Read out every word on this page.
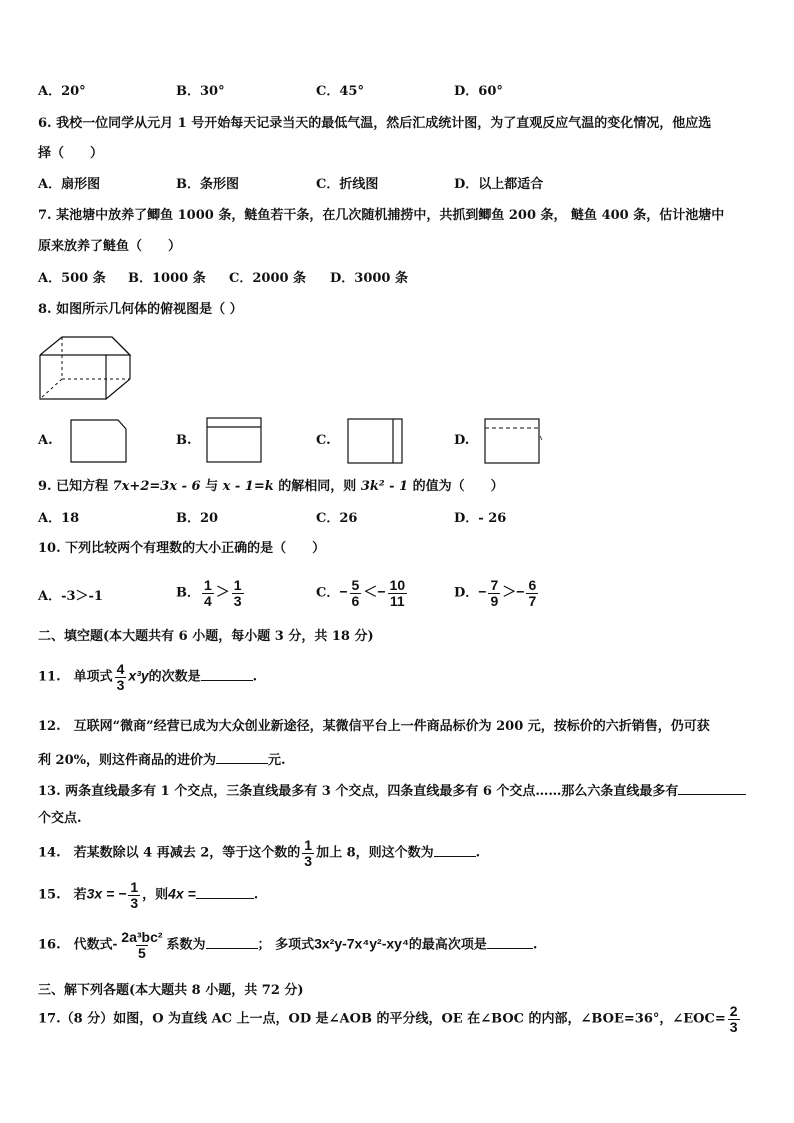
A．20°	B．30°	C．45°	D．60°
6. 我校一位同学从元月 1 号开始每天记录当天的最低气温，然后汇成统计图，为了直观反应气温的变化情况，他应选
择（　　）
A．扇形图	B．条形图	C．折线图	D．以上都适合
7. 某池塘中放养了鲫鱼 1000 条，鲢鱼若干条，在几次随机捕捞中，共抓到鲫鱼 200 条， 鲢鱼 400 条，估计池塘中
原来放养了鲢鱼（　　）
A．500 条 B．1000 条 C．2000 条 D．3000 条
8. 如图所示几何体的俯视图是（ ）
A.	B.	C.	D.
9. 已知方程 7x+2=3x - 6 与 x - 1=k 的解相同，则 3k² - 1 的值为（　　）
A．18	B．20	C．26	D．- 26
10. 下列比较两个有理数的大小正确的是（　　）
A．-3＞-1	B． $\frac{1}{4} > \frac{1}{3}$	C．− $\frac{5}{6} <- \frac{10}{11}$	D．− $\frac{7}{9} >- \frac{6}{7}$
二、填空题(本大题共有 6 小题，每小题 3 分，共 18 分)
11.　单项式 $\frac{4}{3} x^3y$的次数是	.
12.　互联网“微商”经营已成为大众创业新途径，某微信平台上一件商品标价为 200 元，按标价的六折销售，仍可获
利 20%，则这件商品的进价为	元.
13. 两条直线最多有 1 个交点，三条直线最多有 3 个交点，四条直线最多有 6 个交点……那么六条直线最多有
个交点.
14.　若某数除以 4 再减去 2，等于这个数的 $\frac{1}{3}$ 加上 8，则这个数为	.
15.　若3x = − $\frac{1}{3}$ ，则4x =	.
16.　代数式- $\frac{\text{2a³bc²}}{5}$ 系数为	； 多项式3x²y-7x⁴y²-xy⁴的最高次项是	.
三、解下列各题(本大题共 8 小题，共 72 分)
17.（8 分）如图，O 为直线 AC 上一点，OD 是∠AOB 的平分线，OE 在∠BOC 的内部，∠BOE=36°，∠EOC= $\frac{2}{3}$
